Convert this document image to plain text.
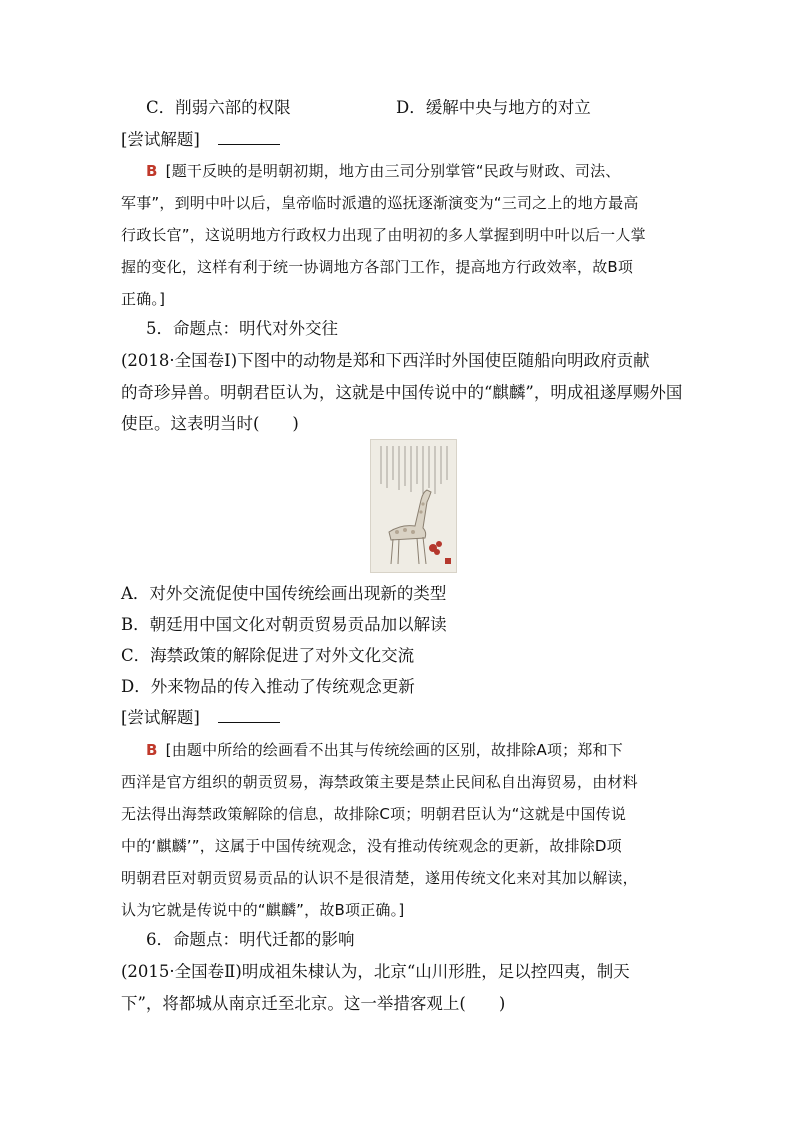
C．削弱六部的权限	D．缓解中央与地方的对立
[尝试解题]
B [题干反映的是明朝初期，地方由三司分别掌管“民政与财政、司法、
军事”，到明中叶以后，皇帝临时派遣的巡抚逐渐演变为“三司之上的地方最高
行政长官”，这说明地方行政权力出现了由明初的多人掌握到明中叶以后一人掌
握的变化，这样有利于统一协调地方各部门工作，提高地方行政效率，故B项
正确。]
5．命题点：明代对外交往
(2018·全国卷Ⅰ)下图中的动物是郑和下西洋时外国使臣随船向明政府贡献
的奇珍异兽。明朝君臣认为，这就是中国传说中的“麒麟”，明成祖遂厚赐外国
使臣。这表明当时(　　)
A．对外交流促使中国传统绘画出现新的类型
B．朝廷用中国文化对朝贡贸易贡品加以解读
C．海禁政策的解除促进了对外文化交流
D．外来物品的传入推动了传统观念更新
[尝试解题]
B [由题中所给的绘画看不出其与传统绘画的区别，故排除A项；郑和下
西洋是官方组织的朝贡贸易，海禁政策主要是禁止民间私自出海贸易，由材料
无法得出海禁政策解除的信息，故排除C项；明朝君臣认为“这就是中国传说
中的‘麒麟’”，这属于中国传统观念，没有推动传统观念的更新，故排除D项
明朝君臣对朝贡贸易贡品的认识不是很清楚，遂用传统文化来对其加以解读，
认为它就是传说中的“麒麟”，故B项正确。]
6．命题点：明代迁都的影响
(2015·全国卷Ⅱ)明成祖朱棣认为，北京“山川形胜，足以控四夷，制天
下”，将都城从南京迁至北京。这一举措客观上(　　)
